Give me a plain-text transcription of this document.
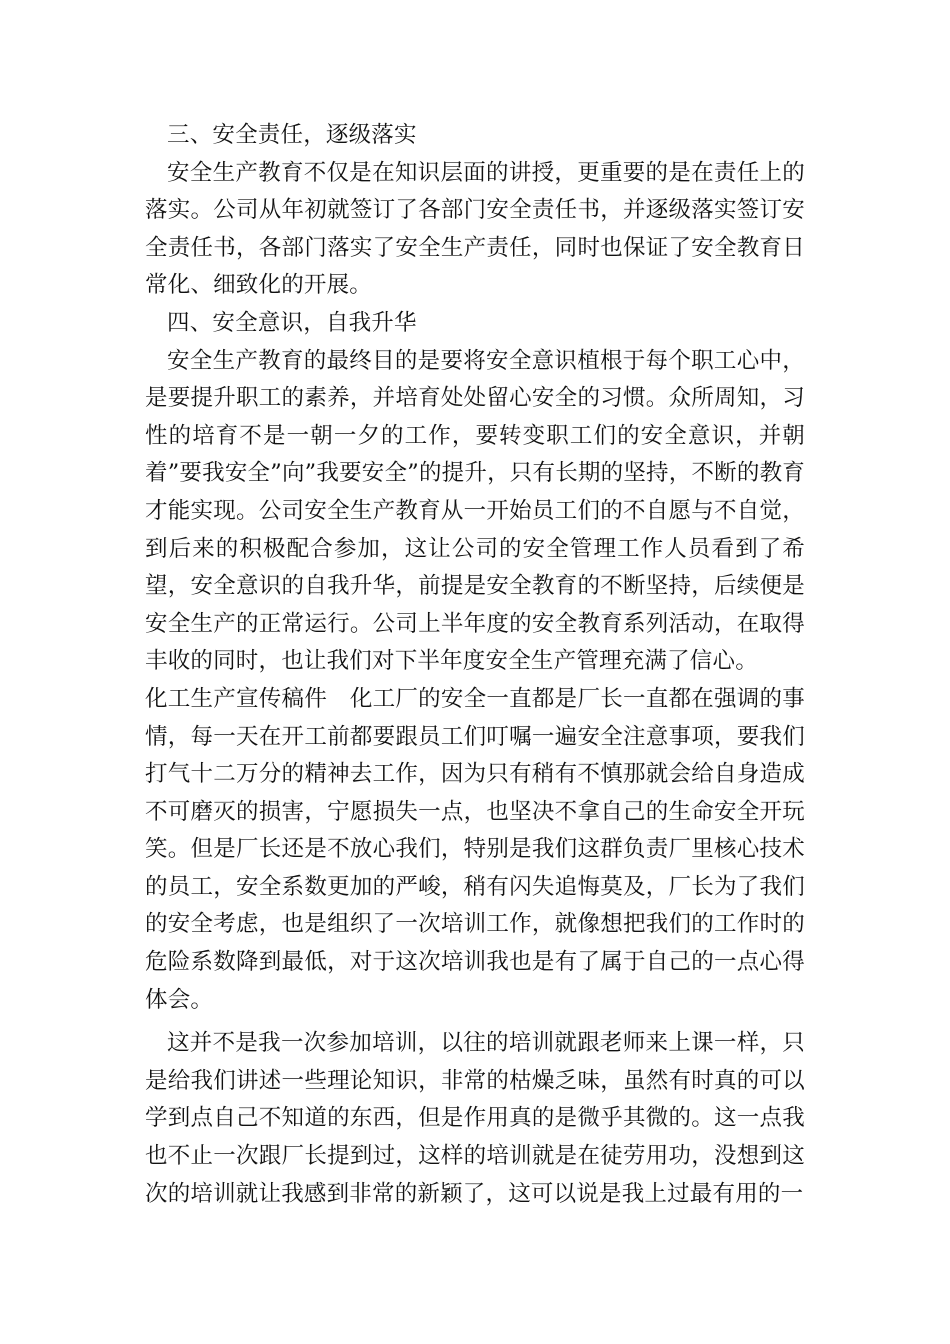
三、安全责任，逐级落实

安全生产教育不仅是在知识层面的讲授，更重要的是在责任上的落实。公司从年初就签订了各部门安全责任书，并逐级落实签订安全责任书，各部门落实了安全生产责任，同时也保证了安全教育日常化、细致化的开展。

四、安全意识，自我升华

安全生产教育的最终目的是要将安全意识植根于每个职工心中，是要提升职工的素养，并培育处处留心安全的习惯。众所周知，习性的培育不是一朝一夕的工作，要转变职工们的安全意识，并朝着”要我安全”向”我要安全”的提升，只有长期的坚持，不断的教育才能实现。公司安全生产教育从一开始员工们的不自愿与不自觉，到后来的积极配合参加，这让公司的安全管理工作人员看到了希望，安全意识的自我升华，前提是安全教育的不断坚持，后续便是安全生产的正常运行。公司上半年度的安全教育系列活动，在取得丰收的同时，也让我们对下半年度安全生产管理充满了信心。

化工生产宣传稿件　化工厂的安全一直都是厂长一直都在强调的事情，每一天在开工前都要跟员工们叮嘱一遍安全注意事项，要我们打气十二万分的精神去工作，因为只有稍有不慎那就会给自身造成不可磨灭的损害，宁愿损失一点，也坚决不拿自己的生命安全开玩笑。但是厂长还是不放心我们，特别是我们这群负责厂里核心技术的员工，安全系数更加的严峻，稍有闪失追悔莫及，厂长为了我们的安全考虑，也是组织了一次培训工作，就像想把我们的工作时的危险系数降到最低，对于这次培训我也是有了属于自己的一点心得体会。

这并不是我一次参加培训，以往的培训就跟老师来上课一样，只是给我们讲述一些理论知识，非常的枯燥乏味，虽然有时真的可以学到点自己不知道的东西，但是作用真的是微乎其微的。这一点我也不止一次跟厂长提到过，这样的培训就是在徒劳用功，没想到这次的培训就让我感到非常的新颖了，这可以说是我上过最有用的一
